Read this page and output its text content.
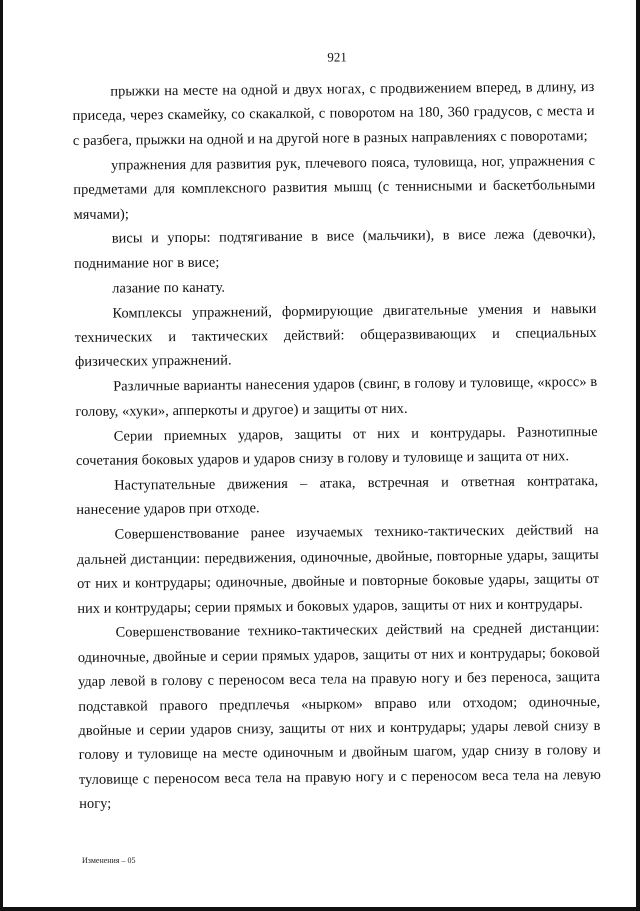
921

прыжки на месте на одной и двух ногах, с продвижением вперед, в длину, из приседа, через скамейку, со скакалкой, с поворотом на 180, 360 градусов, с места и с разбега, прыжки на одной и на другой ноге в разных направлениях с поворотами;

упражнения для развития рук, плечевого пояса, туловища, ног, упражнения с предметами для комплексного развития мышц (с теннисными и баскетбольными мячами);

висы и упоры: подтягивание в висе (мальчики), в висе лежа (девочки), поднимание ног в висе;

лазание по канату.

Комплексы упражнений, формирующие двигательные умения и навыки технических и тактических действий: общеразвивающих и специальных физических упражнений.

Различные варианты нанесения ударов (свинг, в голову и туловище, «кросс» в голову, «хуки», апперкоты и другое) и защиты от них.

Серии приемных ударов, защиты от них и контрудары. Разнотипные сочетания боковых ударов и ударов снизу в голову и туловище и защита от них.

Наступательные движения – атака, встречная и ответная контратака, нанесение ударов при отходе.

Совершенствование ранее изучаемых технико-тактических действий на дальней дистанции: передвижения, одиночные, двойные, повторные удары, защиты от них и контрудары; одиночные, двойные и повторные боковые удары, защиты от них и контрудары; серии прямых и боковых ударов, защиты от них и контрудары.

Совершенствование технико-тактических действий на средней дистанции: одиночные, двойные и серии прямых ударов, защиты от них и контрудары; боковой удар левой в голову с переносом веса тела на правую ногу и без переноса, защита подставкой правого предплечья «нырком» вправо или отходом; одиночные, двойные и серии ударов снизу, защиты от них и контрудары; удары левой снизу в голову и туловище на месте одиночным и двойным шагом, удар снизу в голову и туловище с переносом веса тела на правую ногу и с переносом веса тела на левую ногу;

Изменения – 05
